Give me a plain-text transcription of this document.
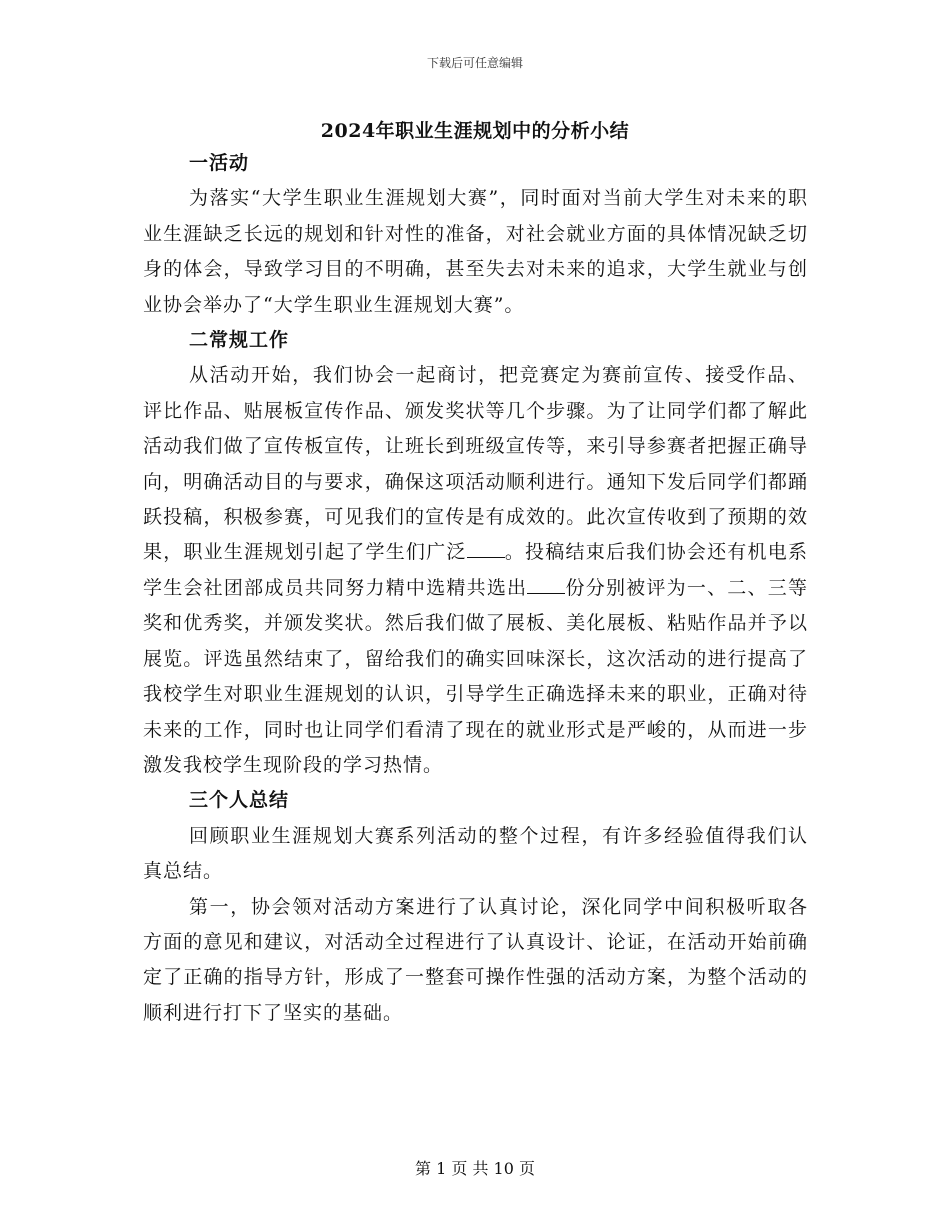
下载后可任意编辑
2024年职业生涯规划中的分析小结

一活动

为落实“大学生职业生涯规划大赛”，同时面对当前大学生对未来的职业生涯缺乏长远的规划和针对性的准备，对社会就业方面的具体情况缺乏切身的体会，导致学习目的不明确，甚至失去对未来的追求，大学生就业与创业协会举办了“大学生职业生涯规划大赛”。

二常规工作

从活动开始，我们协会一起商讨，把竞赛定为赛前宣传、接受作品、评比作品、贴展板宣传作品、颁发奖状等几个步骤。为了让同学们都了解此活动我们做了宣传板宣传，让班长到班级宣传等，来引导参赛者把握正确导向，明确活动目的与要求，确保这项活动顺利进行。通知下发后同学们都踊跃投稿，积极参赛，可见我们的宣传是有成效的。此次宣传收到了预期的效果，职业生涯规划引起了学生们广泛 。投稿结束后我们协会还有机电系学生会社团部成员共同努力精中选精共选出 份分别被评为一、二、三等奖和优秀奖，并颁发奖状。然后我们做了展板、美化展板、粘贴作品并予以展览。评选虽然结束了，留给我们的确实回味深长，这次活动的进行提高了我校学生对职业生涯规划的认识，引导学生正确选择未来的职业，正确对待未来的工作，同时也让同学们看清了现在的就业形式是严峻的，从而进一步激发我校学生现阶段的学习热情。

三个人总结

回顾职业生涯规划大赛系列活动的整个过程，有许多经验值得我们认真总结。

第一，协会领对活动方案进行了认真讨论，深化同学中间积极听取各方面的意见和建议，对活动全过程进行了认真设计、论证，在活动开始前确定了正确的指导方针，形成了一整套可操作性强的活动方案，为整个活动的顺利进行打下了坚实的基础。

第 1 页 共 10 页
